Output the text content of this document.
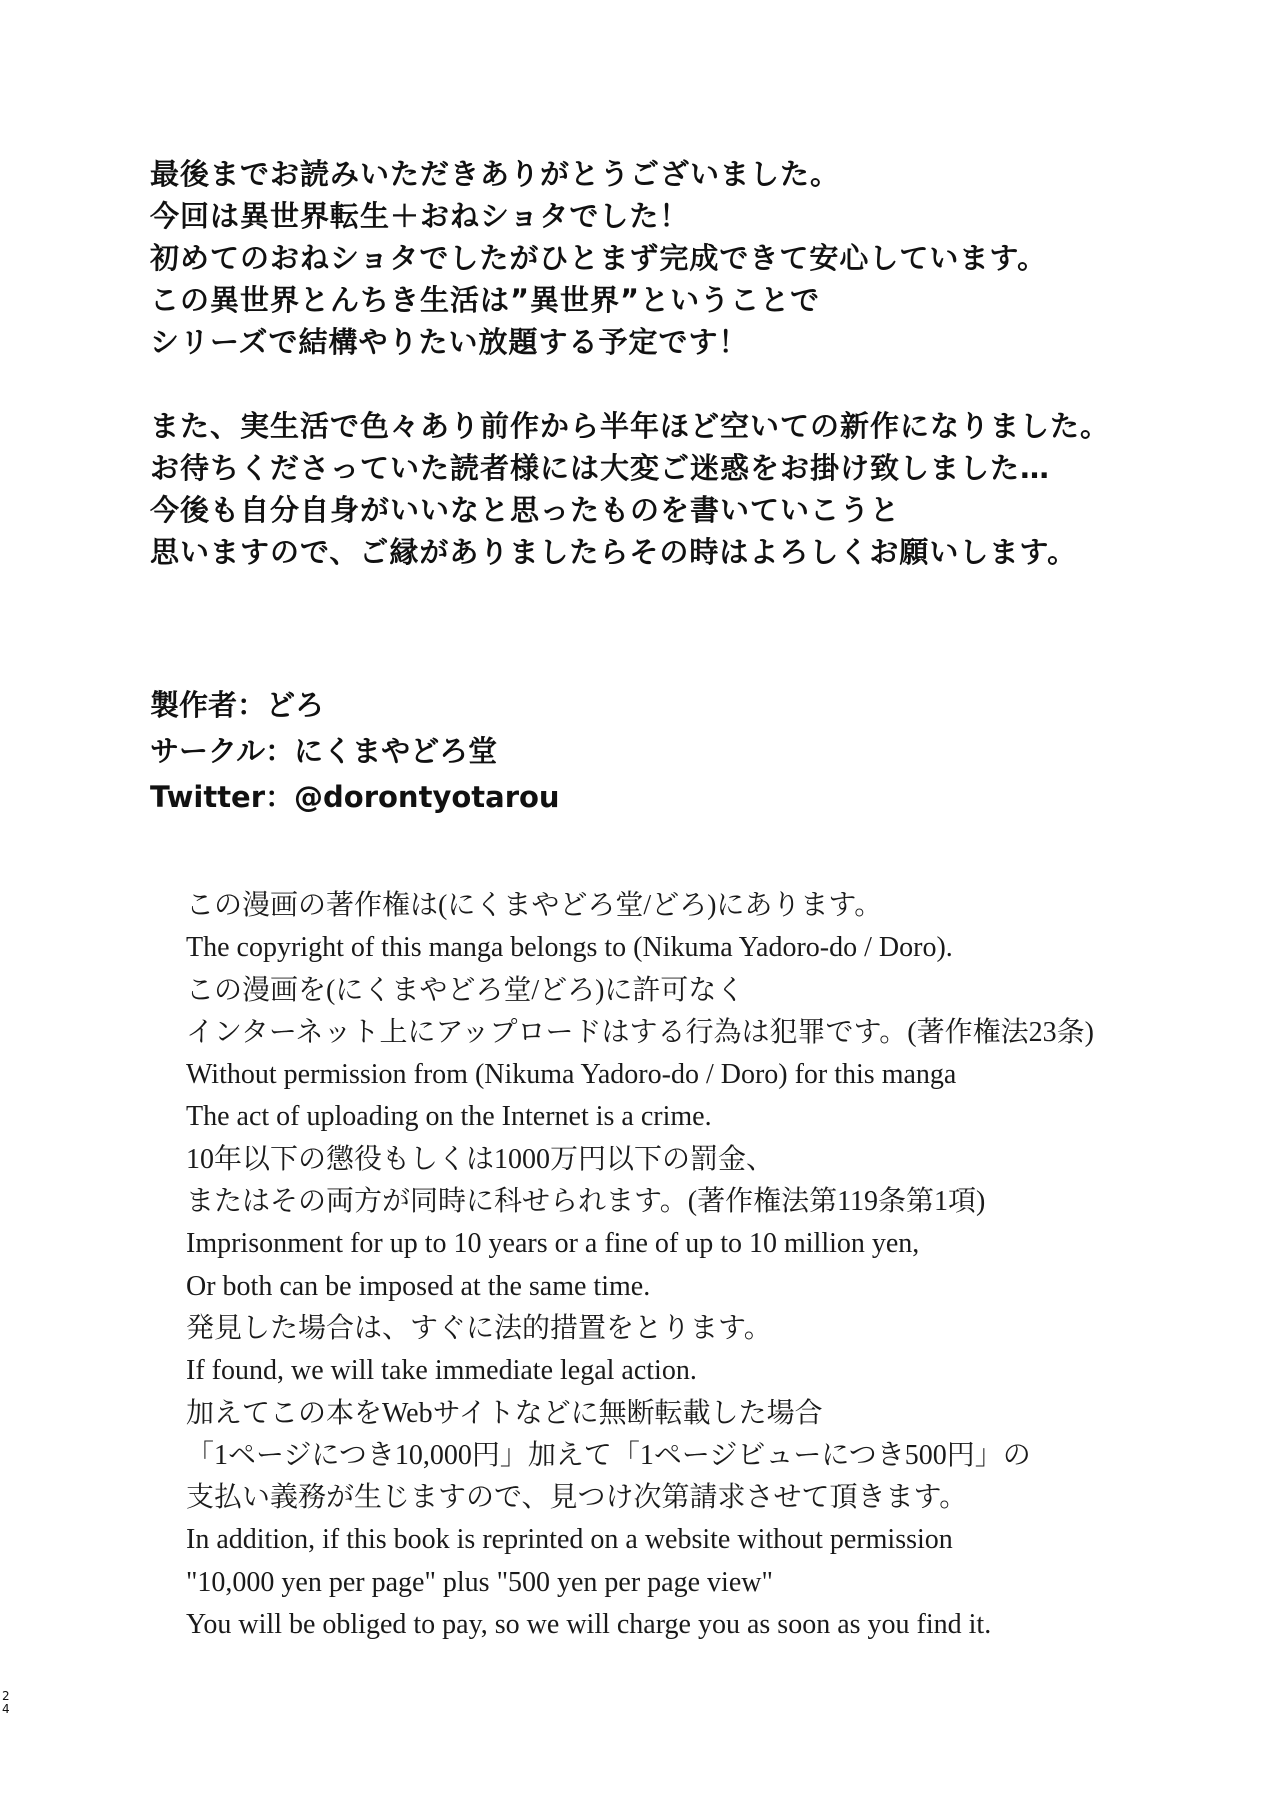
最後までお読みいただきありがとうございました。
今回は異世界転生＋おねショタでした！
初めてのおねショタでしたがひとまず完成できて安心しています。
この異世界とんちき生活は”異世界”ということで
シリーズで結構やりたい放題する予定です！
また、実生活で色々あり前作から半年ほど空いての新作になりました。
お待ちくださっていた読者様には大変ご迷惑をお掛け致しました…
今後も自分自身がいいなと思ったものを書いていこうと
思いますので、ご縁がありましたらその時はよろしくお願いします。
製作者：どろ
サークル：にくまやどろ堂
Twitter：@dorontyotarou
この漫画の著作権は(にくまやどろ堂/どろ)にあります。
The copyright of this manga belongs to (Nikuma Yadoro-do / Doro).
この漫画を(にくまやどろ堂/どろ)に許可なく
インターネット上にアップロードはする行為は犯罪です。(著作権法23条)
Without permission from (Nikuma Yadoro-do / Doro) for this manga
The act of uploading on the Internet is a crime.
10年以下の懲役もしくは1000万円以下の罰金、
またはその両方が同時に科せられます。(著作権法第119条第1項)
Imprisonment for up to 10 years or a fine of up to 10 million yen,
Or both can be imposed at the same time.
発見した場合は、すぐに法的措置をとります。
If found, we will take immediate legal action.
加えてこの本をWebサイトなどに無断転載した場合
「1ページにつき10,000円」加えて「1ページビューにつき500円」の
支払い義務が生じますので、見つけ次第請求させて頂きます。
In addition, if this book is reprinted on a website without permission
"10,000 yen per page" plus "500 yen per page view"
You will be obliged to pay, so we will charge you as soon as you find it.
24
